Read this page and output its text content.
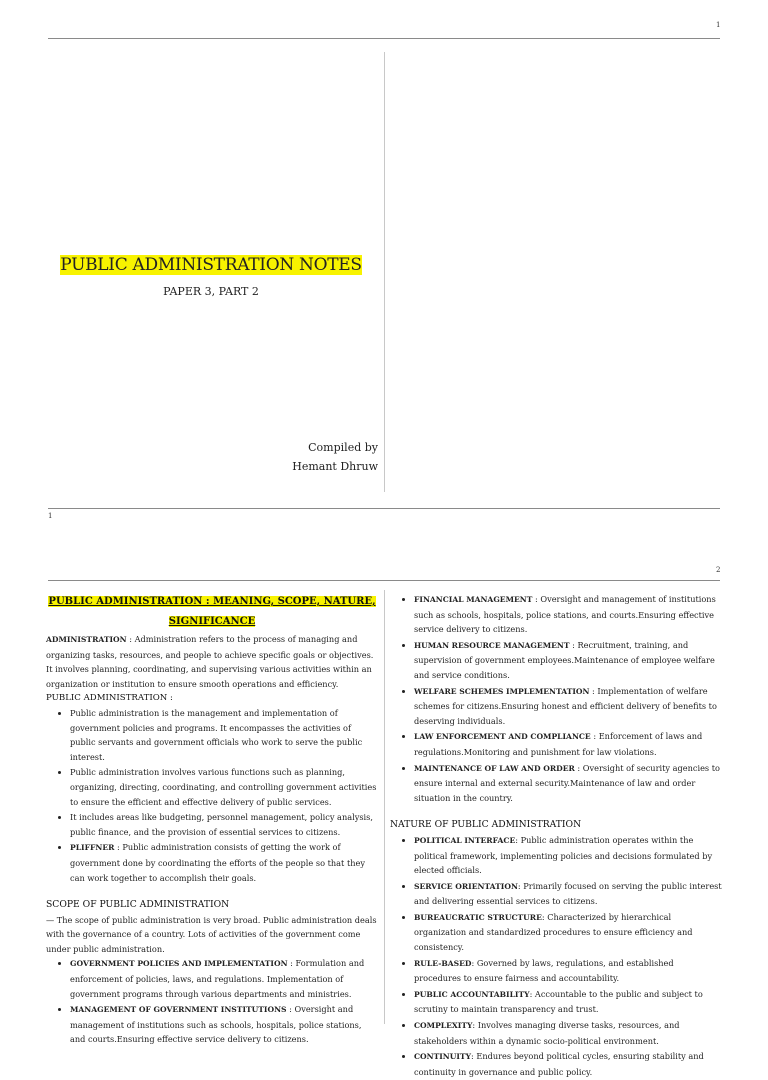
1
PUBLIC ADMINISTRATION NOTES
PAPER 3, PART 2
Compiled by
Hemant Dhruw
1
2
PUBLIC ADMINISTRATION : MEANING, SCOPE, NATURE,
SIGNIFICANCE

ADMINISTRATION : Administration refers to the process of managing and organizing tasks, resources, and people to achieve specific goals or objectives. It involves planning, coordinating, and supervising various activities within an organization or institution to ensure smooth operations and efficiency.

PUBLIC ADMINISTRATION :

• Public administration is the management and implementation of government policies and programs. It encompasses the activities of public servants and government officials who work to serve the public interest.
• Public administration involves various functions such as planning, organizing, directing, coordinating, and controlling government activities to ensure the efficient and effective delivery of public services.
• It includes areas like budgeting, personnel management, policy analysis, public finance, and the provision of essential services to citizens.
• PLIFFNER : Public administration consists of getting the work of government done by coordinating the efforts of the people so that they can work together to accomplish their goals.

SCOPE OF PUBLIC ADMINISTRATION

— The scope of public administration is very broad. Public administration deals with the governance of a country. Lots of activities of the government come under public administration.

• GOVERNMENT POLICIES AND IMPLEMENTATION : Formulation and enforcement of policies, laws, and regulations. Implementation of government programs through various departments and ministries.
• MANAGEMENT OF GOVERNMENT INSTITUTIONS : Oversight and management of institutions such as schools, hospitals, police stations, and courts.Ensuring effective service delivery to citizens.
• FINANCIAL MANAGEMENT : Oversight and management of institutions such as schools, hospitals, police stations, and courts.Ensuring effective service delivery to citizens.
• HUMAN RESOURCE MANAGEMENT : Recruitment, training, and supervision of government employees.Maintenance of employee welfare and service conditions.
• WELFARE SCHEMES IMPLEMENTATION : Implementation of welfare schemes for citizens.Ensuring honest and efficient delivery of benefits to deserving individuals.
• LAW ENFORCEMENT AND COMPLIANCE : Enforcement of laws and regulations.Monitoring and punishment for law violations.
• MAINTENANCE OF LAW AND ORDER : Oversight of security agencies to ensure internal and external security.Maintenance of law and order situation in the country.

NATURE OF PUBLIC ADMINISTRATION

• POLITICAL INTERFACE: Public administration operates within the political framework, implementing policies and decisions formulated by elected officials.
• SERVICE ORIENTATION: Primarily focused on serving the public interest and delivering essential services to citizens.
• BUREAUCRATIC STRUCTURE: Characterized by hierarchical organization and standardized procedures to ensure efficiency and consistency.
• RULE-BASED: Governed by laws, regulations, and established procedures to ensure fairness and accountability.
• PUBLIC ACCOUNTABILITY: Accountable to the public and subject to scrutiny to maintain transparency and trust.
• COMPLEXITY: Involves managing diverse tasks, resources, and stakeholders within a dynamic socio-political environment.
• CONTINUITY: Endures beyond political cycles, ensuring stability and continuity in governance and public policy.
